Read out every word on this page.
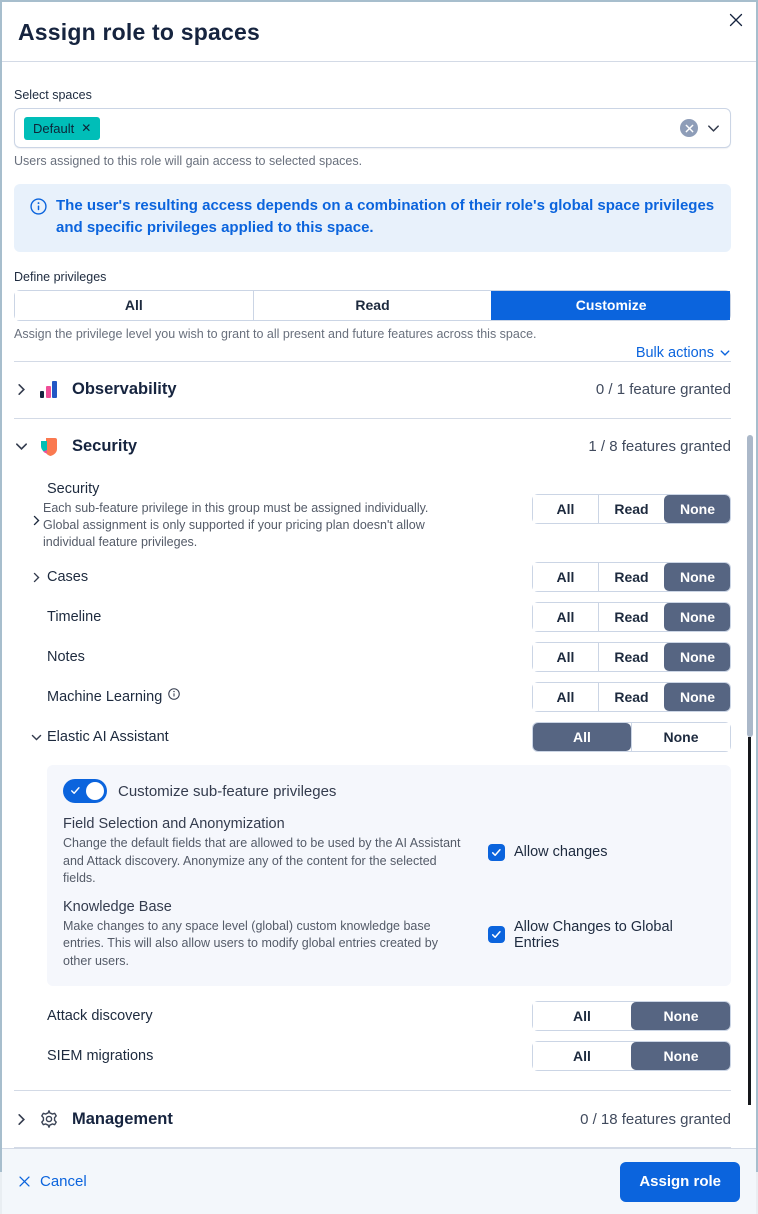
Assign role to spaces
Select spaces
Default ✕
Users assigned to this role will gain access to selected spaces.
The user's resulting access depends on a combination of their role's global space privileges and specific privileges applied to this space.
Define privileges
All	Read	Customize
Assign the privilege level you wish to grant to all present and future features across this space.
Bulk actions
Observability	0 / 1 feature granted
Security	1 / 8 features granted
Security
Each sub-feature privilege in this group must be assigned individually. Global assignment is only supported if your pricing plan doesn't allow individual feature privileges.
All	Read	None
Cases	All	Read	None
Timeline	All	Read	None
Notes	All	Read	None
Machine Learning	All	Read	None
Elastic AI Assistant	All	None
Customize sub-feature privileges
Field Selection and Anonymization
Change the default fields that are allowed to be used by the AI Assistant and Attack discovery. Anonymize any of the content for the selected fields.
Allow changes
Knowledge Base
Make changes to any space level (global) custom knowledge base entries. This will also allow users to modify global entries created by other users.
Allow Changes to Global Entries
Attack discovery	All	None
SIEM migrations	All	None
Management	0 / 18 features granted
Cancel	Assign role
